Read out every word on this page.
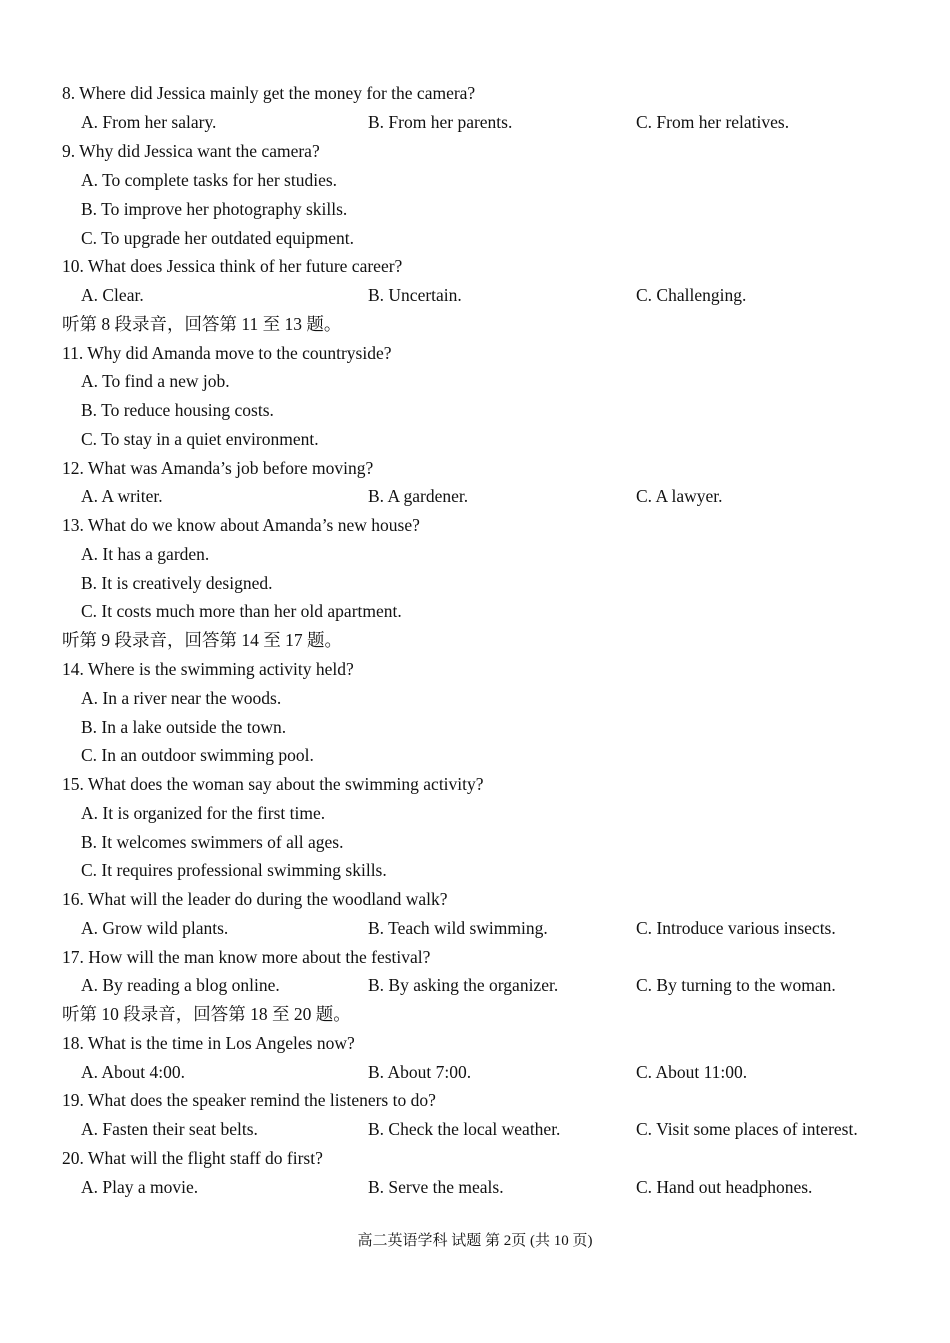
8. Where did Jessica mainly get the money for the camera?
A. From her salary.	B. From her parents.	C. From her relatives.
9. Why did Jessica want the camera?
A. To complete tasks for her studies.
B. To improve her photography skills.
C. To upgrade her outdated equipment.
10. What does Jessica think of her future career?
A. Clear.	B. Uncertain.	C. Challenging.
听第 8 段录音，回答第 11 至 13 题。
11. Why did Amanda move to the countryside?
A. To find a new job.
B. To reduce housing costs.
C. To stay in a quiet environment.
12. What was Amanda’s job before moving?
A. A writer.	B. A gardener.	C. A lawyer.
13. What do we know about Amanda’s new house?
A. It has a garden.
B. It is creatively designed.
C. It costs much more than her old apartment.
听第 9 段录音，回答第 14 至 17 题。
14. Where is the swimming activity held?
A. In a river near the woods.
B. In a lake outside the town.
C. In an outdoor swimming pool.
15. What does the woman say about the swimming activity?
A. It is organized for the first time.
B. It welcomes swimmers of all ages.
C. It requires professional swimming skills.
16. What will the leader do during the woodland walk?
A. Grow wild plants.	B. Teach wild swimming.	C. Introduce various insects.
17. How will the man know more about the festival?
A. By reading a blog online.	B. By asking the organizer.	C. By turning to the woman.
听第 10 段录音，回答第 18 至 20 题。
18. What is the time in Los Angeles now?
A. About 4:00.	B. About 7:00.	C. About 11:00.
19. What does the speaker remind the listeners to do?
A. Fasten their seat belts.	B. Check the local weather.	C. Visit some places of interest.
20. What will the flight staff do first?
A. Play a movie.	B. Serve the meals.	C. Hand out headphones.
高二英语学科 试题 第 2页 (共 10 页)
